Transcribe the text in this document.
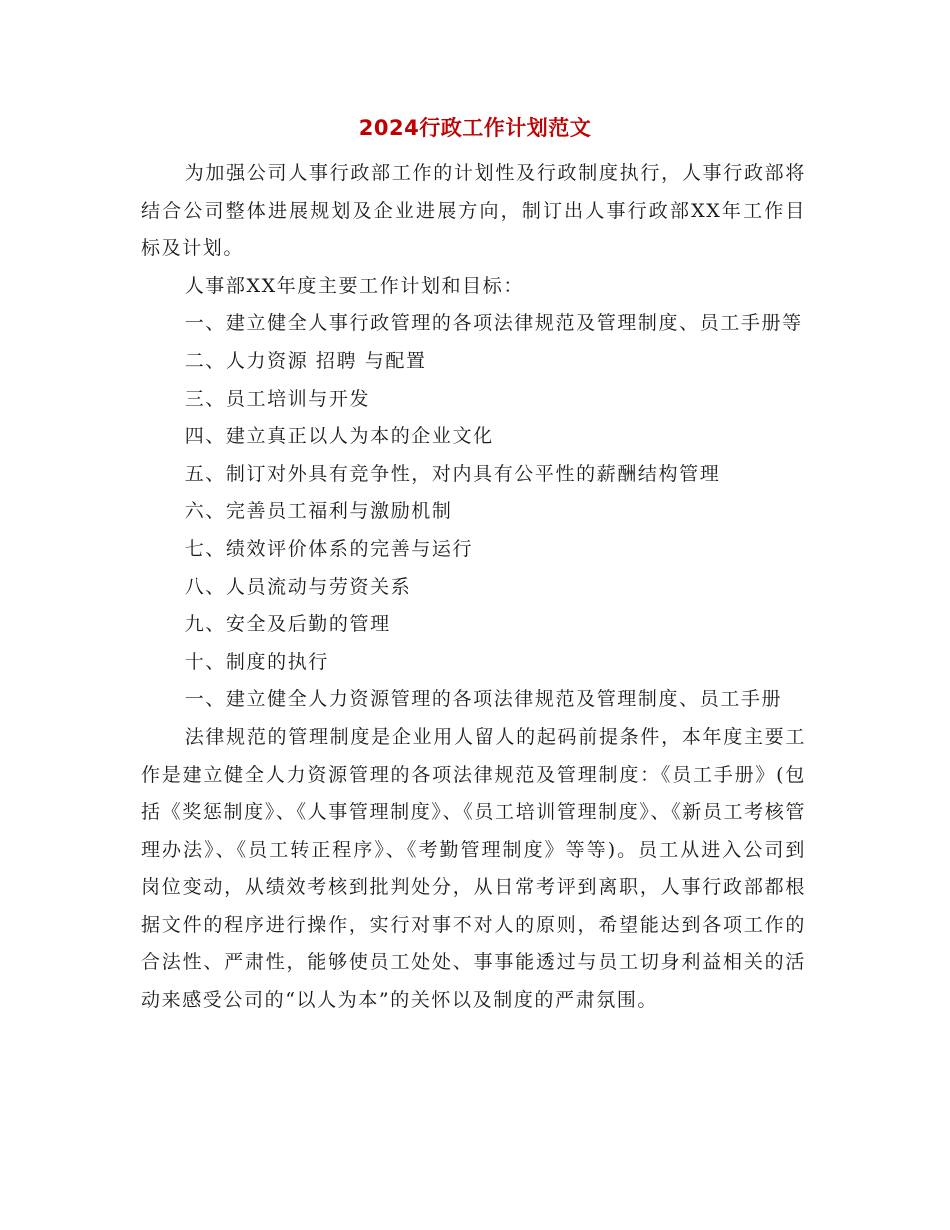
2024行政工作计划范文

为加强公司人事行政部工作的计划性及行政制度执行，人事行政部将结合公司整体进展规划及企业进展方向，制订出人事行政部XX年工作目标及计划。

人事部XX年度主要工作计划和目标：

一、建立健全人事行政管理的各项法律规范及管理制度、员工手册等

二、人力资源 招聘 与配置

三、员工培训与开发

四、建立真正以人为本的企业文化

五、制订对外具有竞争性，对内具有公平性的薪酬结构管理

六、完善员工福利与激励机制

七、绩效评价体系的完善与运行

八、人员流动与劳资关系

九、安全及后勤的管理

十、制度的执行

一、建立健全人力资源管理的各项法律规范及管理制度、员工手册

法律规范的管理制度是企业用人留人的起码前提条件，本年度主要工作是建立健全人力资源管理的各项法律规范及管理制度：《员工手册》(包括《奖惩制度》、《人事管理制度》、《员工培训管理制度》、《新员工考核管理办法》、《员工转正程序》、《考勤管理制度》等等)。员工从进入公司到岗位变动，从绩效考核到批判处分，从日常考评到离职，人事行政部都根据文件的程序进行操作，实行对事不对人的原则，希望能达到各项工作的合法性、严肃性，能够使员工处处、事事能透过与员工切身利益相关的活动来感受公司的“以人为本”的关怀以及制度的严肃氛围。
